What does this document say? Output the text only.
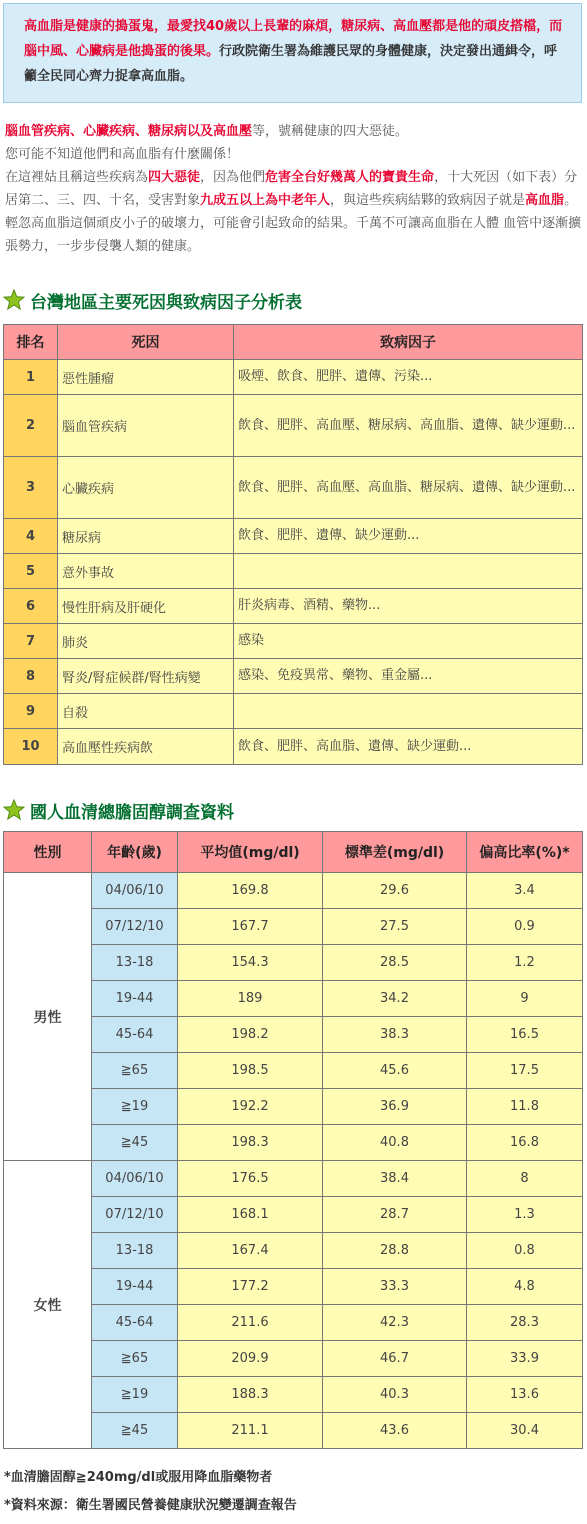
高血脂是健康的搗蛋鬼，最愛找40歲以上長輩的麻煩，糖尿病、高血壓都是他的頑皮搭檔，而腦中風、心臟病是他搗蛋的後果。行政院衛生署為維護民眾的身體健康，決定發出通緝令，呼籲全民同心齊力捉拿高血脂。
腦血管疾病、心臟疾病、糖尿病以及高血壓等，號稱健康的四大惡徒。
您可能不知道他們和高血脂有什麼關係！
在這裡姑且稱這些疾病為四大惡徒，因為他們危害全台好幾萬人的寶貴生命，十大死因（如下表）分居第二、三、四、十名，受害對象九成五以上為中老年人，與這些疾病結夥的致病因子就是高血脂。輕忽高血脂這個頑皮小子的破壞力，可能會引起致命的結果。千萬不可讓高血脂在人體 血管中逐漸擴張勢力，一步步侵襲人類的健康。
台灣地區主要死因與致病因子分析表
排名	死因	致病因子
1	惡性腫瘤	吸煙、飲食、肥胖、遺傳、污染...
2	腦血管疾病	飲食、肥胖、高血壓、糖尿病、高血脂、遺傳、缺少運動...
3	心臟疾病	飲食、肥胖、高血壓、高血脂、糖尿病、遺傳、缺少運動...
4	糖尿病	飲食、肥胖、遺傳、缺少運動...
5	意外事故	
6	慢性肝病及肝硬化	肝炎病毒、酒精、藥物...
7	肺炎	感染
8	腎炎/腎症候群/腎性病變	感染、免疫異常、藥物、重金屬...
9	自殺	
10	高血壓性疾病飲	飲食、肥胖、高血脂、遺傳、缺少運動...
國人血清總膽固醇調查資料
性別	年齡(歲)	平均值(mg/dl)	標準差(mg/dl)	偏高比率(%)*
男性	04/06/10	169.8	29.6	3.4
	07/12/10	167.7	27.5	0.9
	13-18	154.3	28.5	1.2
	19-44	189	34.2	9
	45-64	198.2	38.3	16.5
	≧65	198.5	45.6	17.5
	≧19	192.2	36.9	11.8
	≧45	198.3	40.8	16.8
女性	04/06/10	176.5	38.4	8
	07/12/10	168.1	28.7	1.3
	13-18	167.4	28.8	0.8
	19-44	177.2	33.3	4.8
	45-64	211.6	42.3	28.3
	≧65	209.9	46.7	33.9
	≧19	188.3	40.3	13.6
	≧45	211.1	43.6	30.4
*血清膽固醇≧240mg/dl或服用降血脂藥物者
*資料來源：衛生署國民營養健康狀況變遷調查報告
